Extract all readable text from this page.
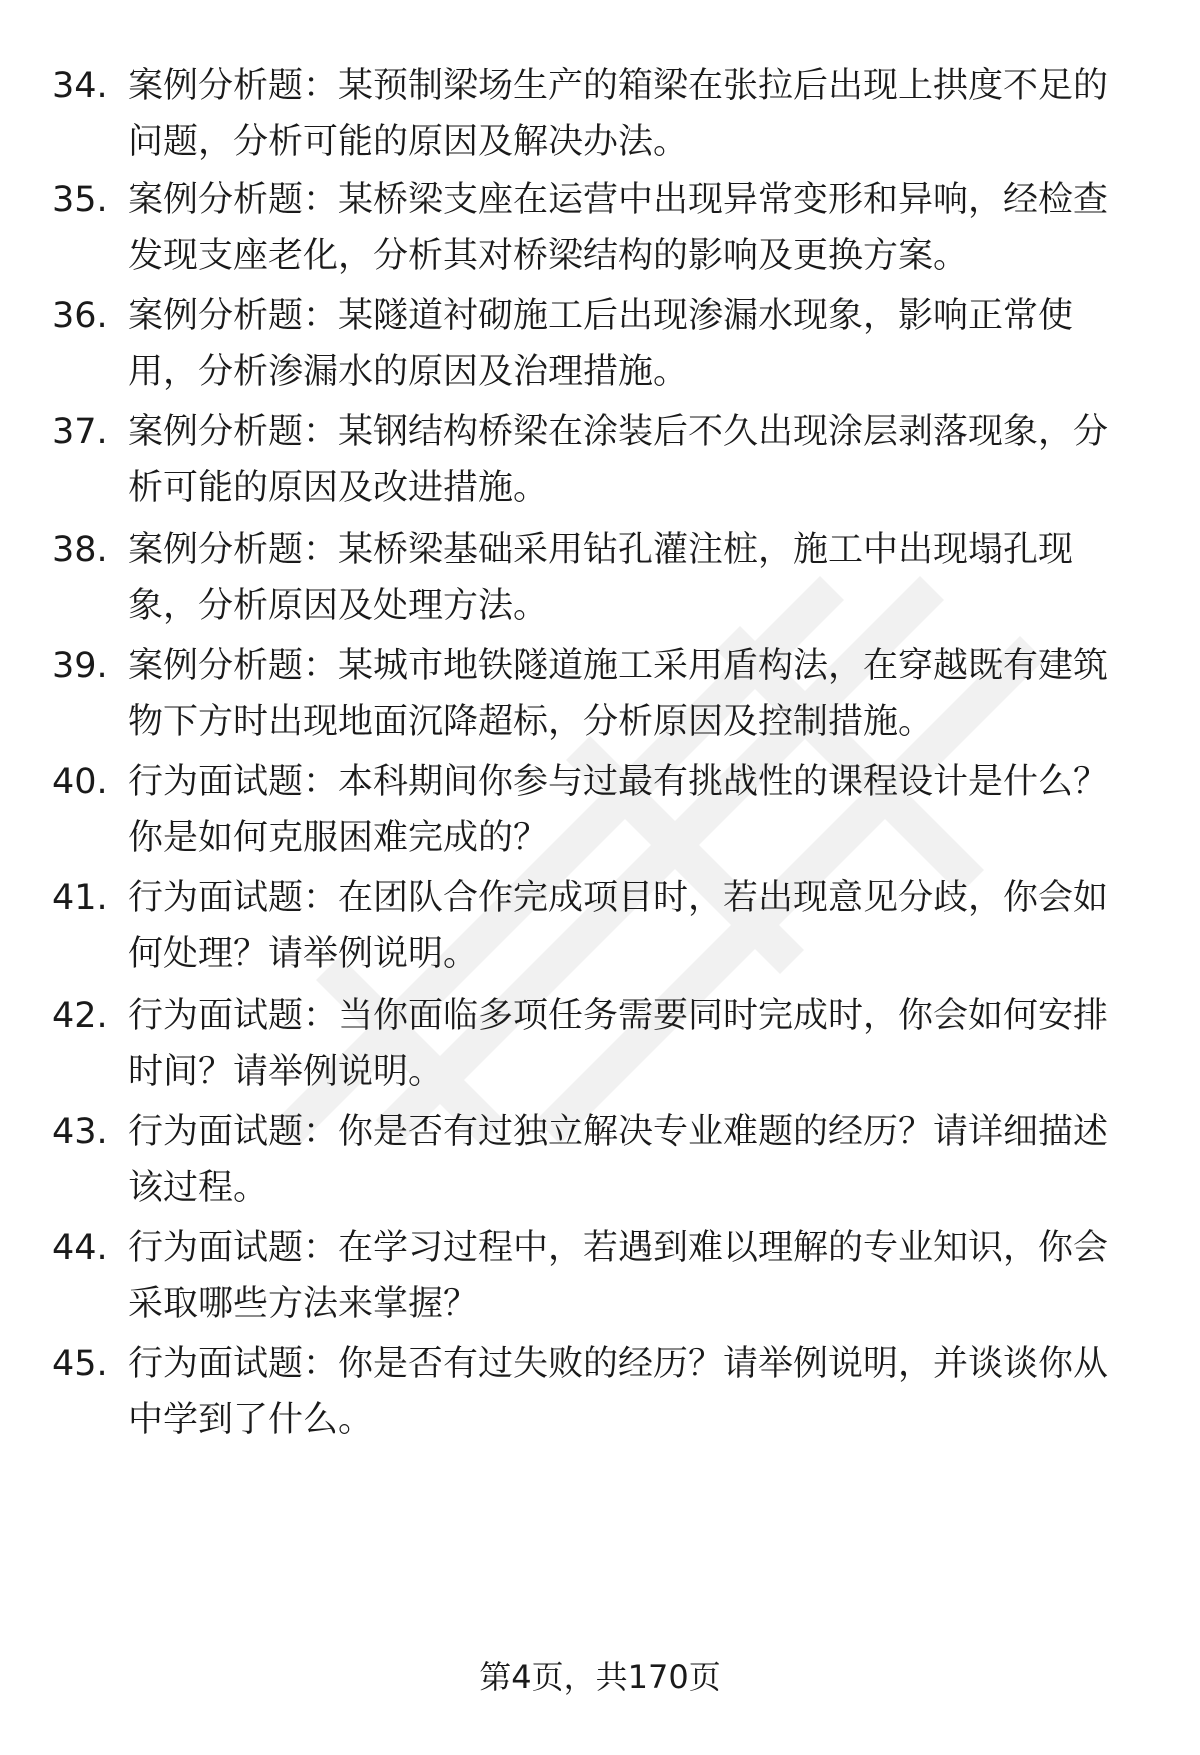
34. 案例分析题：某预制梁场生产的箱梁在张拉后出现上拱度不足的
问题，分析可能的原因及解决办法。
35. 案例分析题：某桥梁支座在运营中出现异常变形和异响，经检查
发现支座老化，分析其对桥梁结构的影响及更换方案。
36. 案例分析题：某隧道衬砌施工后出现渗漏水现象，影响正常使
用，分析渗漏水的原因及治理措施。
37. 案例分析题：某钢结构桥梁在涂装后不久出现涂层剥落现象，分
析可能的原因及改进措施。
38. 案例分析题：某桥梁基础采用钻孔灌注桩，施工中出现塌孔现
象，分析原因及处理方法。
39. 案例分析题：某城市地铁隧道施工采用盾构法，在穿越既有建筑
物下方时出现地面沉降超标，分析原因及控制措施。
40. 行为面试题：本科期间你参与过最有挑战性的课程设计是什么？
你是如何克服困难完成的？
41. 行为面试题：在团队合作完成项目时，若出现意见分歧，你会如
何处理？请举例说明。
42. 行为面试题：当你面临多项任务需要同时完成时，你会如何安排
时间？请举例说明。
43. 行为面试题：你是否有过独立解决专业难题的经历？请详细描述
该过程。
44. 行为面试题：在学习过程中，若遇到难以理解的专业知识，你会
采取哪些方法来掌握？
45. 行为面试题：你是否有过失败的经历？请举例说明，并谈谈你从
中学到了什么。
第4页，共170页
